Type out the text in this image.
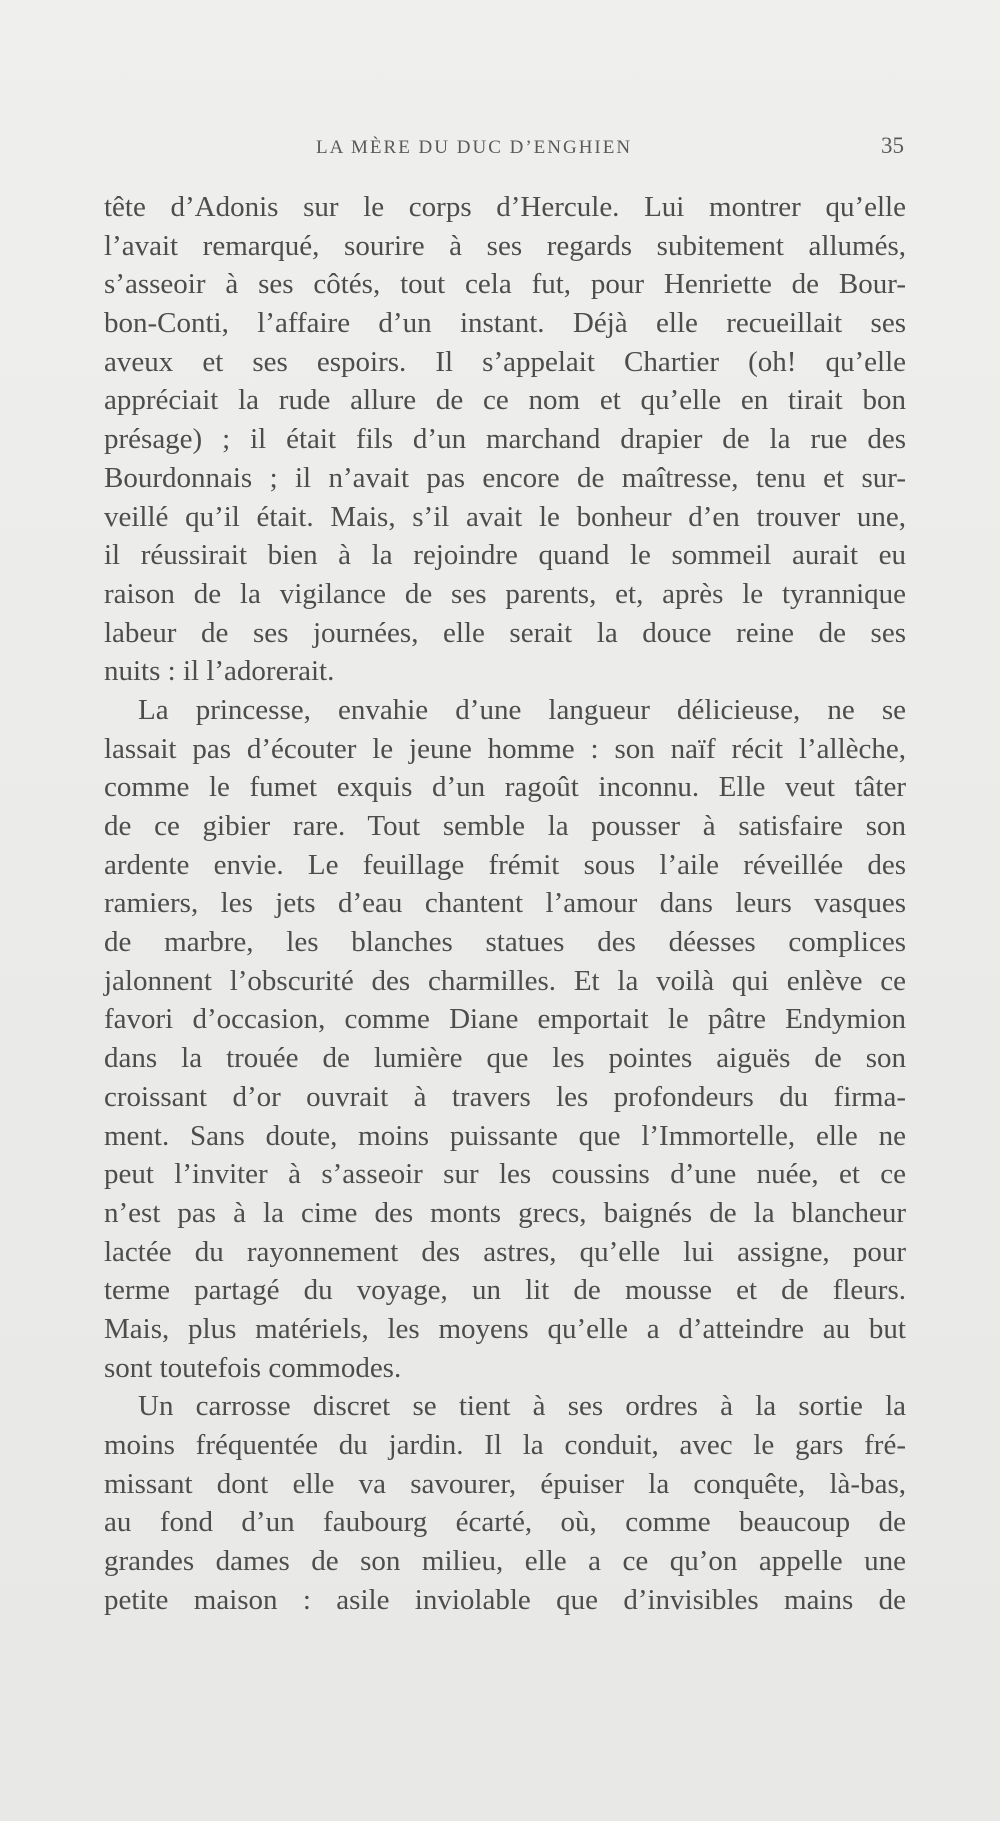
LA MÈRE DU DUC D’ENGHIEN	35
tête d’Adonis sur le corps d’Hercule. Lui montrer qu’elle
l’avait remarqué, sourire à ses regards subitement allumés,
s’asseoir à ses côtés, tout cela fut, pour Henriette de Bour-
bon-Conti, l’affaire d’un instant. Déjà elle recueillait ses
aveux et ses espoirs. Il s’appelait Chartier (oh! qu’elle
appréciait la rude allure de ce nom et qu’elle en tirait bon
présage) ; il était fils d’un marchand drapier de la rue des
Bourdonnais ; il n’avait pas encore de maîtresse, tenu et sur-
veillé qu’il était. Mais, s’il avait le bonheur d’en trouver une,
il réussirait bien à la rejoindre quand le sommeil aurait eu
raison de la vigilance de ses parents, et, après le tyrannique
labeur de ses journées, elle serait la douce reine de ses
nuits : il l’adorerait.
La princesse, envahie d’une langueur délicieuse, ne se
lassait pas d’écouter le jeune homme : son naïf récit l’allèche,
comme le fumet exquis d’un ragoût inconnu. Elle veut tâter
de ce gibier rare. Tout semble la pousser à satisfaire son
ardente envie. Le feuillage frémit sous l’aile réveillée des
ramiers, les jets d’eau chantent l’amour dans leurs vasques
de marbre, les blanches statues des déesses complices
jalonnent l’obscurité des charmilles. Et la voilà qui enlève ce
favori d’occasion, comme Diane emportait le pâtre Endymion
dans la trouée de lumière que les pointes aiguës de son
croissant d’or ouvrait à travers les profondeurs du firma-
ment. Sans doute, moins puissante que l’Immortelle, elle ne
peut l’inviter à s’asseoir sur les coussins d’une nuée, et ce
n’est pas à la cime des monts grecs, baignés de la blancheur
lactée du rayonnement des astres, qu’elle lui assigne, pour
terme partagé du voyage, un lit de mousse et de fleurs.
Mais, plus matériels, les moyens qu’elle a d’atteindre au but
sont toutefois commodes.
Un carrosse discret se tient à ses ordres à la sortie la
moins fréquentée du jardin. Il la conduit, avec le gars fré-
missant dont elle va savourer, épuiser la conquête, là-bas,
au fond d’un faubourg écarté, où, comme beaucoup de
grandes dames de son milieu, elle a ce qu’on appelle une
petite maison : asile inviolable que d’invisibles mains de
